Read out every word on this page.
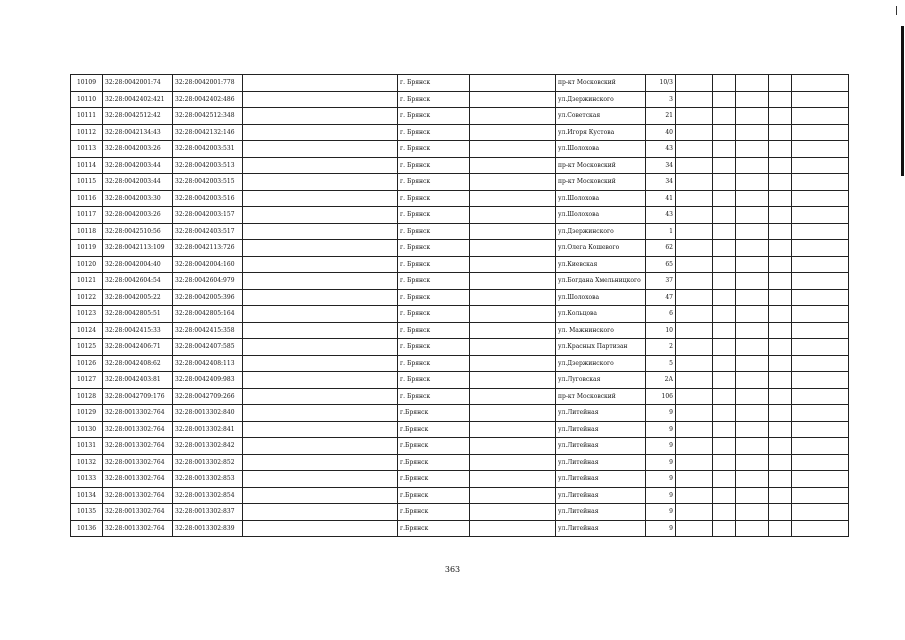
10109	32:28:0042001:74	32:28:0042001:778		г. Брянск		пр-кт Московский	10/3					
10110	32:28:0042402:421	32:28:0042402:486		г. Брянск		ул.Дзержинского	3					
10111	32:28:0042512:42	32:28:0042512:348		г. Брянск		ул.Советская	21					
10112	32:28:0042134:43	32:28:0042132:146		г. Брянск		ул.Игоря Кустова	40					
10113	32:28:0042003:26	32:28:0042003:531		г. Брянск		ул.Шолохова	43					
10114	32:28:0042003:44	32:28:0042003:513		г. Брянск		пр-кт Московский	34					
10115	32:28:0042003:44	32:28:0042003:515		г. Брянск		пр-кт Московский	34					
10116	32:28:0042003:30	32:28:0042003:516		г. Брянск		ул.Шолохова	41					
10117	32:28:0042003:26	32:28:0042003:157		г. Брянск		ул.Шолохова	43					
10118	32:28:0042510:56	32:28:0042403:517		г. Брянск		ул.Дзержинского	1					
10119	32:28:0042113:109	32:28:0042113:726		г. Брянск		ул.Олега Кошевого	62					
10120	32:28:0042004:40	32:28:0042004:160		г. Брянск		ул.Киевская	65					
10121	32:28:0042604:54	32:28:0042604:979		г. Брянск		ул.Богдана Хмельницкого	37					
10122	32:28:0042005:22	32:28:0042005:396		г. Брянск		ул.Шолохова	47					
10123	32:28:0042805:51	32:28:0042805:164		г. Брянск		ул.Кольцова	6					
10124	32:28:0042415:33	32:28:0042415:358		г. Брянск		ул. Мажнинского	10					
10125	32:28:0042406:71	32:28:0042407:585		г. Брянск		ул.Красных Партизан	2					
10126	32:28:0042408:62	32:28:0042408:113		г. Брянск		ул.Дзержинского	5					
10127	32:28:0042403:81	32:28:0042409:983		г. Брянск		ул.Луговская	2А					
10128	32:28:0042709:176	32:28:0042709:266		г. Брянск		пр-кт Московский	106					
10129	32:28:0013302:764	32:28:0013302:840		г.Брянск		ул.Литейная	9					
10130	32:28:0013302:764	32:28:0013302:841		г.Брянск		ул.Литейная	9					
10131	32:28:0013302:764	32:28:0013302:842		г.Брянск		ул.Литейная	9					
10132	32:28:0013302:764	32:28:0013302:852		г.Брянск		ул.Литейная	9					
10133	32:28:0013302:764	32:28:0013302:853		г.Брянск		ул.Литейная	9					
10134	32:28:0013302:764	32:28:0013302:854		г.Брянск		ул.Литейная	9					
10135	32:28:0013302:764	32:28:0013302:837		г.Брянск		ул.Литейная	9					
10136	32:28:0013302:764	32:28:0013302:839		г.Брянск		ул.Литейная	9					
363
